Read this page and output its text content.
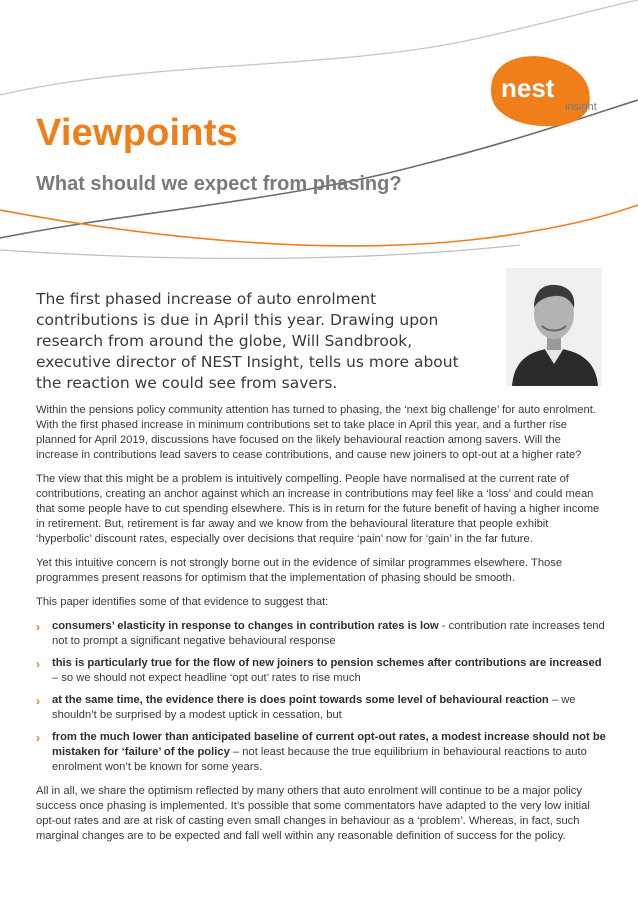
nest
insight
Viewpoints
What should we expect from phasing?

The first phased increase of auto enrolment contributions is due in April this year. Drawing upon research from around the globe, Will Sandbrook, executive director of NEST Insight, tells us more about the reaction we could see from savers.

Within the pensions policy community attention has turned to phasing, the ‘next big challenge’ for auto enrolment. With the first phased increase in minimum contributions set to take place in April this year, and a further rise planned for April 2019, discussions have focused on the likely behavioural reaction among savers. Will the increase in contributions lead savers to cease contributions, and cause new joiners to opt-out at a higher rate?

The view that this might be a problem is intuitively compelling. People have normalised at the current rate of contributions, creating an anchor against which an increase in contributions may feel like a ‘loss’ and could mean that some people have to cut spending elsewhere. This is in return for the future benefit of having a higher income in retirement. But, retirement is far away and we know from the behavioural literature that people exhibit ‘hyperbolic’ discount rates, especially over decisions that require ‘pain’ now for ‘gain’ in the far future.

Yet this intuitive concern is not strongly borne out in the evidence of similar programmes elsewhere. Those programmes present reasons for optimism that the implementation of phasing should be smooth.

This paper identifies some of that evidence to suggest that:

› consumers’ elasticity in response to changes in contribution rates is low - contribution rate increases tend not to prompt a significant negative behavioural response
› this is particularly true for the flow of new joiners to pension schemes after contributions are increased – so we should not expect headline ‘opt out’ rates to rise much
› at the same time, the evidence there is does point towards some level of behavioural reaction – we shouldn’t be surprised by a modest uptick in cessation, but
› from the much lower than anticipated baseline of current opt-out rates, a modest increase should not be mistaken for ‘failure’ of the policy – not least because the true equilibrium in behavioural reactions to auto enrolment won’t be known for some years.

All in all, we share the optimism reflected by many others that auto enrolment will continue to be a major policy success once phasing is implemented. It’s possible that some commentators have adapted to the very low initial opt-out rates and are at risk of casting even small changes in behaviour as a ‘problem’. Whereas, in fact, such marginal changes are to be expected and fall well within any reasonable definition of success for the policy.
